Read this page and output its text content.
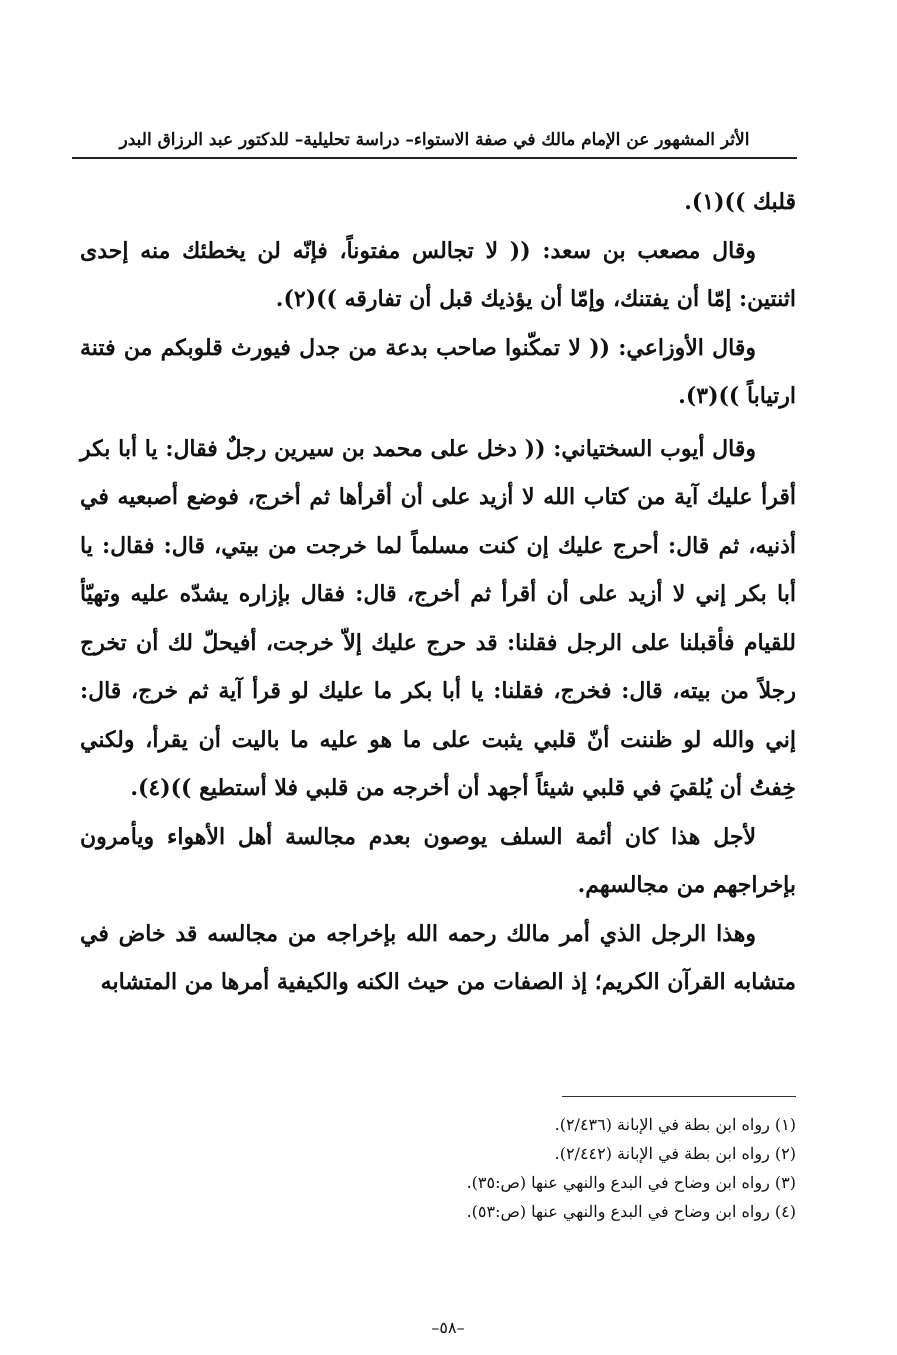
الأثر المشهور عن الإمام مالك في صفة الاستواء– دراسة تحليلية– للدكتور عبد الرزاق البدر

قلبك ))(١).

وقال مصعب بن سعد: (( لا تجالس مفتوناً، فإنّه لن يخطئك منه إحدى اثنتين: إمّا أن يفتنك، وإمّا أن يؤذيك قبل أن تفارقه ))(٢).

وقال الأوزاعي: (( لا تمكّنوا صاحب بدعة من جدل فيورث قلوبكم من فتنة ارتياباً ))(٣).

وقال أيوب السختياني: (( دخل على محمد بن سيرين رجلٌ فقال: يا أبا بكر أقرأ عليك آية من كتاب الله لا أزيد على أن أقرأها ثم أخرج، فوضع أصبعيه في أذنيه، ثم قال: أحرج عليك إن كنت مسلماً لما خرجت من بيتي، قال: فقال: يا أبا بكر إني لا أزيد على أن أقرأ ثم أخرج، قال: فقال بإزاره يشدّه عليه وتهيّأ للقيام فأقبلنا على الرجل فقلنا: قد حرج عليك إلاّ خرجت، أفيحلّ لك أن تخرج رجلاً من بيته، قال: فخرج، فقلنا: يا أبا بكر ما عليك لو قرأ آية ثم خرج، قال: إني والله لو ظننت أنّ قلبي يثبت على ما هو عليه ما باليت أن يقرأ، ولكني خِفتُ أن يُلقيَ في قلبي شيئاً أجهد أن أخرجه من قلبي فلا أستطيع ))(٤).

لأجل هذا كان أئمة السلف يوصون بعدم مجالسة أهل الأهواء ويأمرون بإخراجهم من مجالسهم.

وهذا الرجل الذي أمر مالك رحمه الله بإخراجه من مجالسه قد خاض في متشابه القرآن الكريم؛ إذ الصفات من حيث الكنه والكيفية أمرها من المتشابه

(١) رواه ابن بطة في الإبانة (٢/٤٣٦).

(٢) رواه ابن بطة في الإبانة (٢/٤٤٢).

(٣) رواه ابن وضاح في البدع والنهي عنها (ص:٣٥).

(٤) رواه ابن وضاح في البدع والنهي عنها (ص:٥٣).

–٥٨–
